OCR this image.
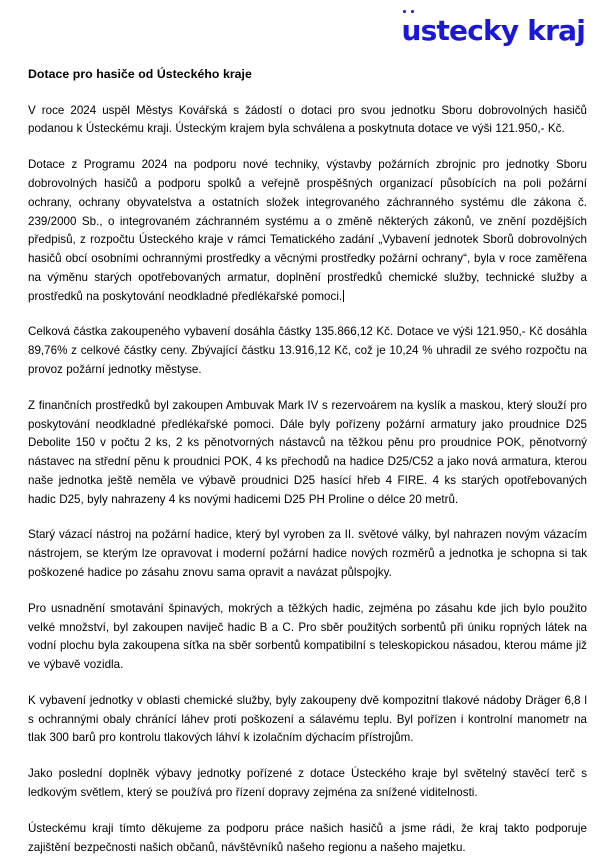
u stecky kraj
Dotace pro hasiče od Ústeckého kraje

V roce 2024 uspěl Městys Kovářská s žádostí o dotaci pro svou jednotku Sboru dobrovolných hasičů podanou k Ústeckému kraji. Ústeckým krajem byla schválena a poskytnuta dotace ve výši 121.950,- Kč.

Dotace z Programu 2024 na podporu nové techniky, výstavby požárních zbrojnic pro jednotky Sboru dobrovolných hasičů a podporu spolků a veřejně prospěšných organizací působících na poli požární ochrany, ochrany obyvatelstva a ostatních složek integrovaného záchranného systému dle zákona č. 239/2000 Sb., o integrovaném záchranném systému a o změně některých zákonů, ve znění pozdějších předpisů, z rozpočtu Ústeckého kraje v rámci Tematického zadání „Vybavení jednotek Sborů dobrovolných hasičů obcí osobními ochrannými prostředky a věcnými prostředky požární ochrany“, byla v roce zaměřena na výměnu starých opotřebovaných armatur, doplnění prostředků chemické služby, technické služby a prostředků na poskytování neodkladné předlékařské pomoci.

Celková částka zakoupeného vybavení dosáhla částky 135.866,12 Kč. Dotace ve výši 121.950,- Kč dosáhla 89,76% z celkové částky ceny. Zbývající částku 13.916,12 Kč, což je 10,24 % uhradil ze svého rozpočtu na provoz požární jednotky městyse.

Z finančních prostředků byl zakoupen Ambuvak Mark IV s rezervoárem na kyslík a maskou, který slouží pro poskytování neodkladné předlékařské pomoci. Dále byly pořízeny požární armatury jako proudnice D25 Debolite 150 v počtu 2 ks, 2 ks pěnotvorných nástavců na těžkou pěnu pro proudnice POK, pěnotvorný nástavec na střední pěnu k proudnici POK, 4 ks přechodů na hadice D25/C52 a jako nová armatura, kterou naše jednotka ještě neměla ve výbavě proudnici D25 hasící hřeb 4 FIRE. 4 ks starých opotřebovaných hadic D25, byly nahrazeny 4 ks novými hadicemi D25 PH Proline o délce 20 metrů.

Starý vázací nástroj na požární hadice, který byl vyroben za II. světové války, byl nahrazen novým vázacím nástrojem, se kterým lze opravovat i moderní požární hadice nových rozměrů a jednotka je schopna si tak poškozené hadice po zásahu znovu sama opravit a navázat půlspojky.

Pro usnadnění smotavání špinavých, mokrých a těžkých hadic, zejména po zásahu kde jich bylo použito velké množství, byl zakoupen naviječ hadic B a C. Pro sběr použitých sorbentů při úniku ropných látek na vodní plochu byla zakoupena síťka na sběr sorbentů kompatibilní s teleskopickou násadou, kterou máme již ve výbavě vozidla.

K vybavení jednotky v oblasti chemické služby, byly zakoupeny dvě kompozitní tlakové nádoby Dräger 6,8 l s ochrannými obaly chránící láhev proti poškození a sálavému teplu. Byl pořízen i kontrolní manometr na tlak 300 barů pro kontrolu tlakových láhví k izolačním dýchacím přístrojům.

Jako poslední doplněk výbavy jednotky pořízené z dotace Ústeckého kraje byl světelný stavěcí terč s ledkovým světlem, který se používá pro řízení dopravy zejména za snížené viditelnosti.

Ústeckému kraji tímto děkujeme za podporu práce našich hasičů a jsme rádi, že kraj takto podporuje zajištění bezpečnosti našich občanů, návštěvníků našeho regionu a našeho majetku.
